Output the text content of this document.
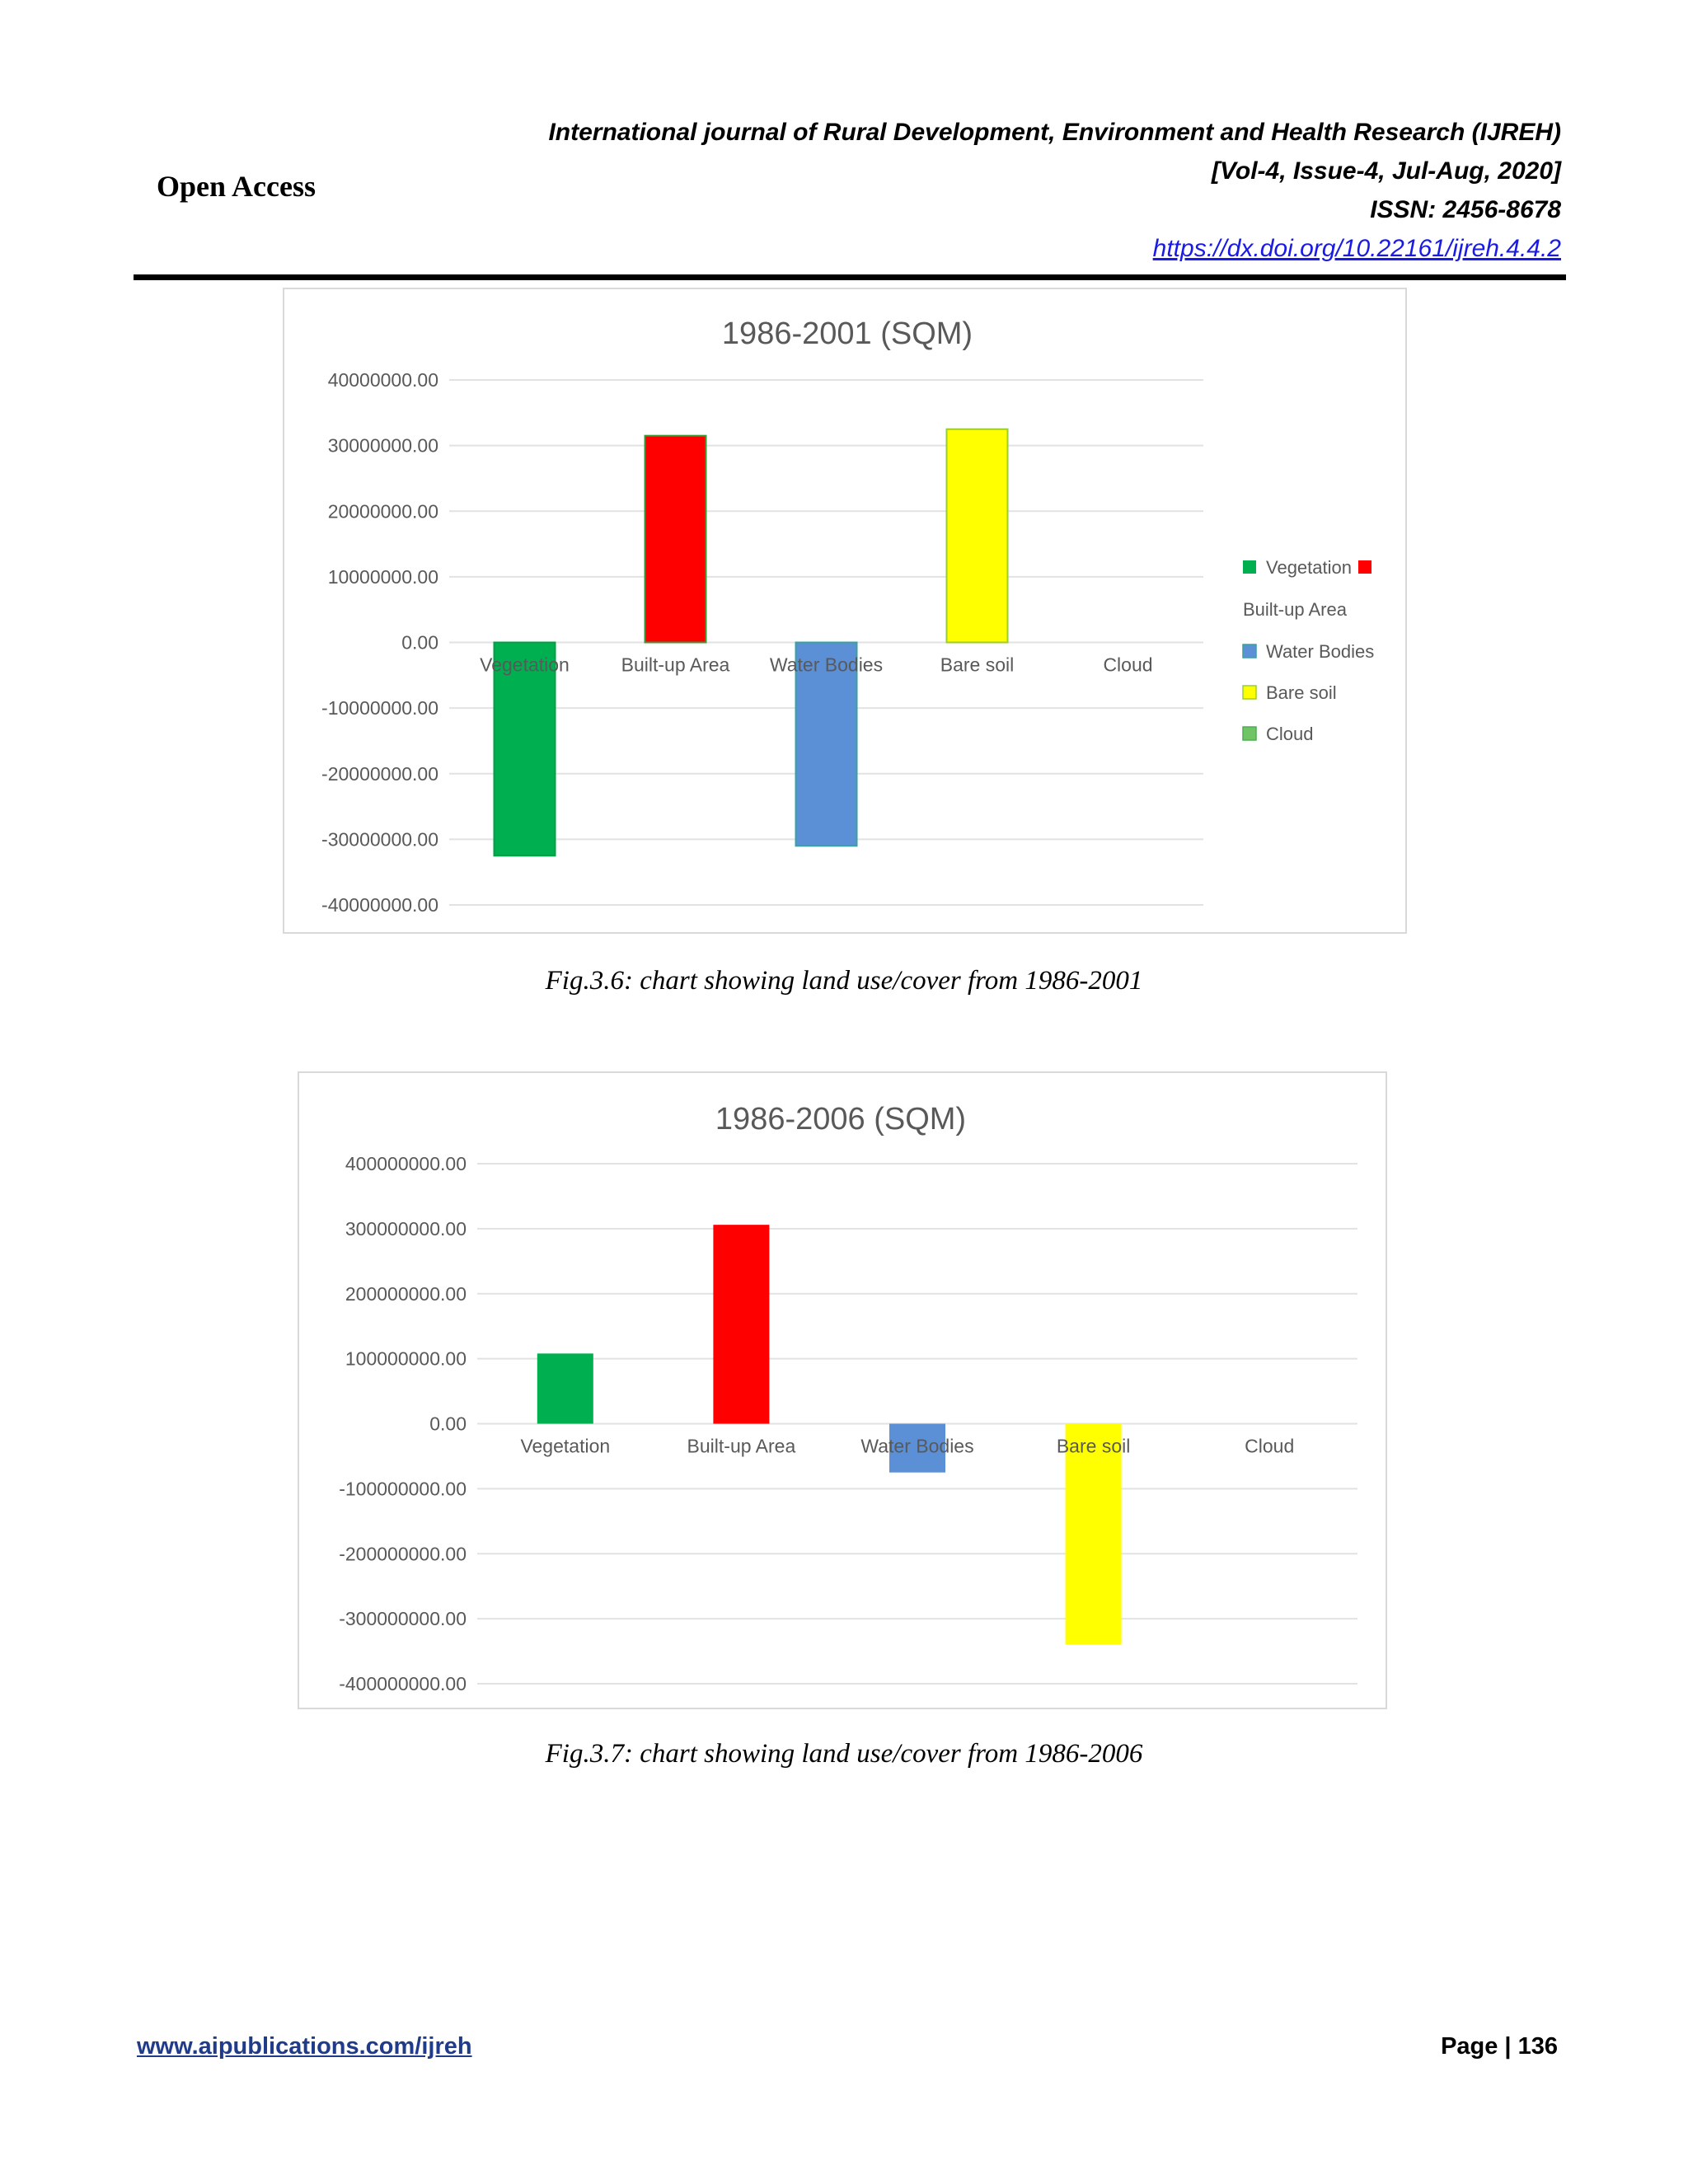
International journal of Rural Development, Environment and Health Research (IJREH)

[Vol-4, Issue-4, Jul-Aug, 2020]

ISSN: 2456-8678

https://dx.doi.org/10.22161/ijreh.4.4.2
Open Access
1986-2001 (SQM)
40000000.00
30000000.00
20000000.00
10000000.00
0.00
-10000000.00
-20000000.00
-30000000.00
-40000000.00
Vegetation	Built-up Area Water Bodies	Bare soil	Cloud
Vegetation
Built-up Area
Water Bodies
Bare soil
Cloud

Fig.3.6: chart showing land use/cover from 1986-2001

1986-2006 (SQM)
400000000.00
300000000.00
200000000.00
100000000.00
0.00
-100000000.00
-200000000.00
-300000000.00
-400000000.00
Vegetation	Built-up Area	Water Bodies	Bare soil	Cloud

Fig.3.7: chart showing land use/cover from 1986-2006

www.aipublications.com/ijreh	Page | 136
